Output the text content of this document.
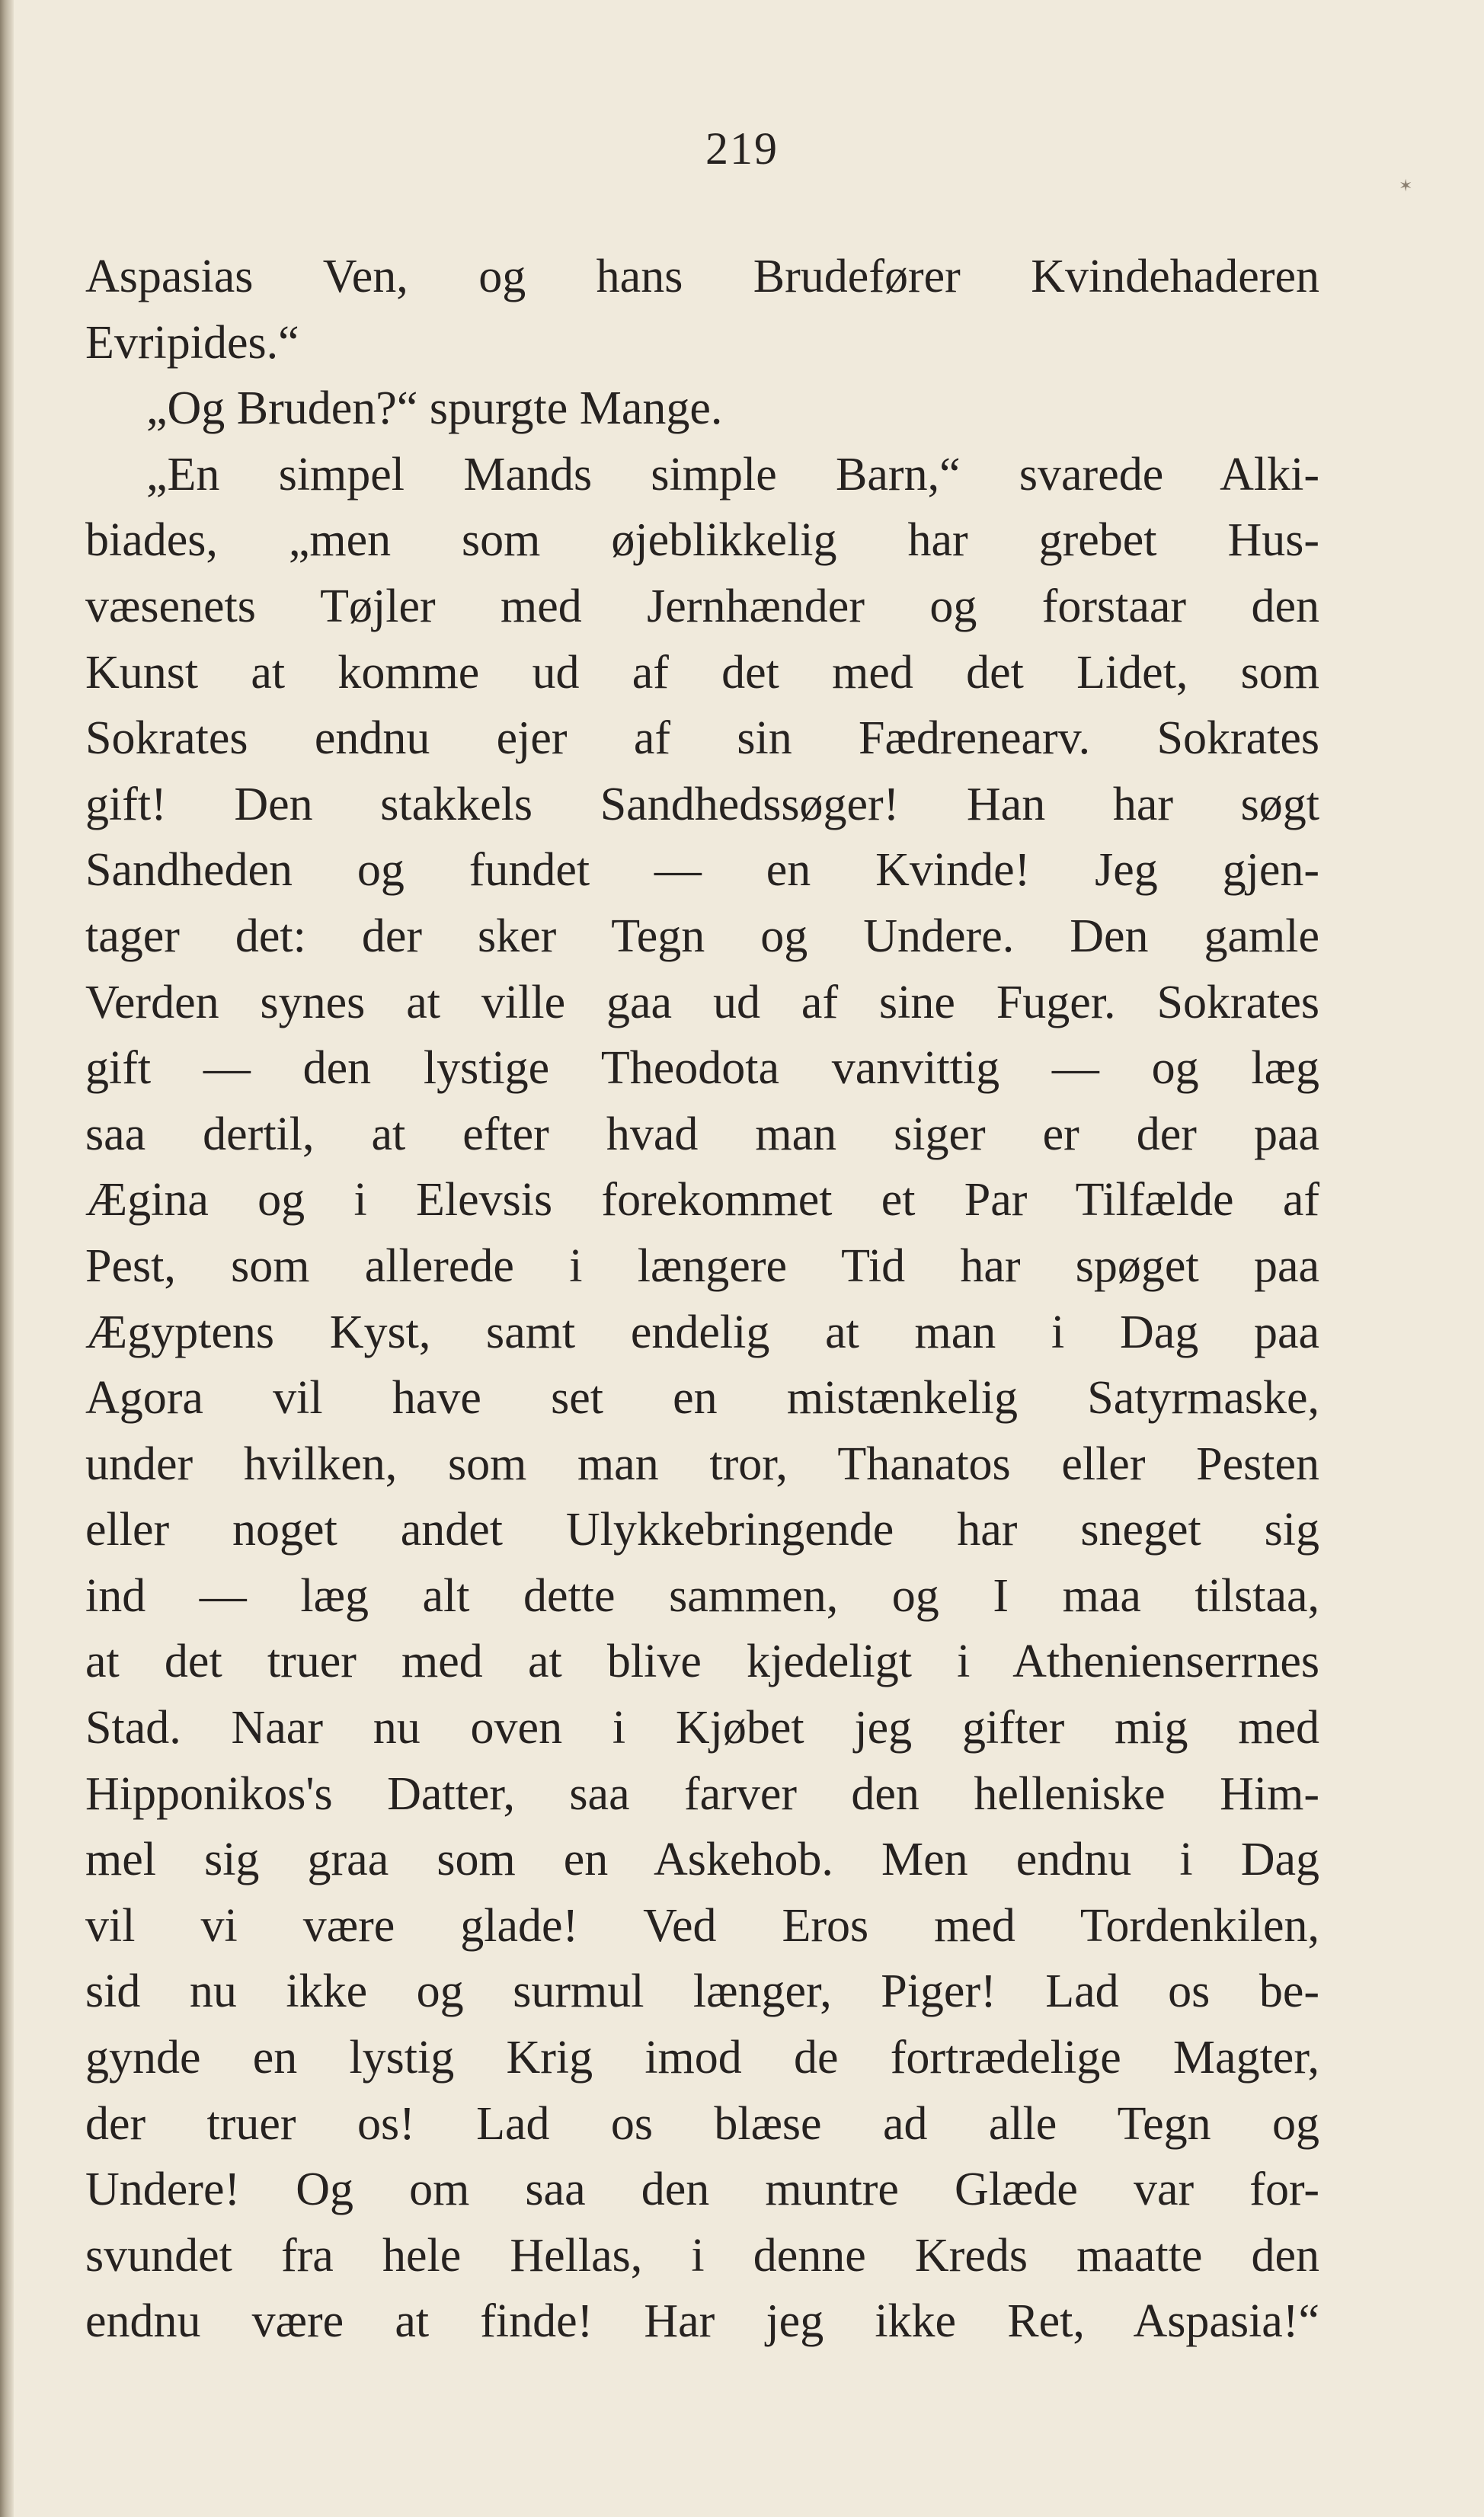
✶
219
Aspasias Ven, og hans Brudefører Kvindehaderen
Evripides.“
„Og Bruden?“ spurgte Mange.
„En simpel Mands simple Barn,“ svarede Alki-
biades, „men som øjeblikkelig har grebet Hus-
væsenets Tøjler med Jernhænder og forstaar den
Kunst at komme ud af det med det Lidet, som
Sokrates endnu ejer af sin Fædrenearv. Sokrates
gift! Den stakkels Sandhedssøger! Han har søgt
Sandheden og fundet — en Kvinde! Jeg gjen-
tager det: der sker Tegn og Undere. Den gamle
Verden synes at ville gaa ud af sine Fuger. Sokrates
gift — den lystige Theodota vanvittig — og læg
saa dertil, at efter hvad man siger er der paa
Ægina og i Elevsis forekommet et Par Tilfælde af
Pest, som allerede i længere Tid har spøget paa
Ægyptens Kyst, samt endelig at man i Dag paa
Agora vil have set en mistænkelig Satyrmaske,
under hvilken, som man tror, Thanatos eller Pesten
eller noget andet Ulykkebringende har sneget sig
ind — læg alt dette sammen, og I maa tilstaa,
at det truer med at blive kjedeligt i Athenienserrnes
Stad. Naar nu oven i Kjøbet jeg gifter mig med
Hipponikos's Datter, saa farver den helleniske Him-
mel sig graa som en Askehob. Men endnu i Dag
vil vi være glade! Ved Eros med Tordenkilen,
sid nu ikke og surmul længer, Piger! Lad os be-
gynde en lystig Krig imod de fortrædelige Magter,
der truer os! Lad os blæse ad alle Tegn og
Undere! Og om saa den muntre Glæde var for-
svundet fra hele Hellas, i denne Kreds maatte den
endnu være at finde! Har jeg ikke Ret, Aspasia!“
